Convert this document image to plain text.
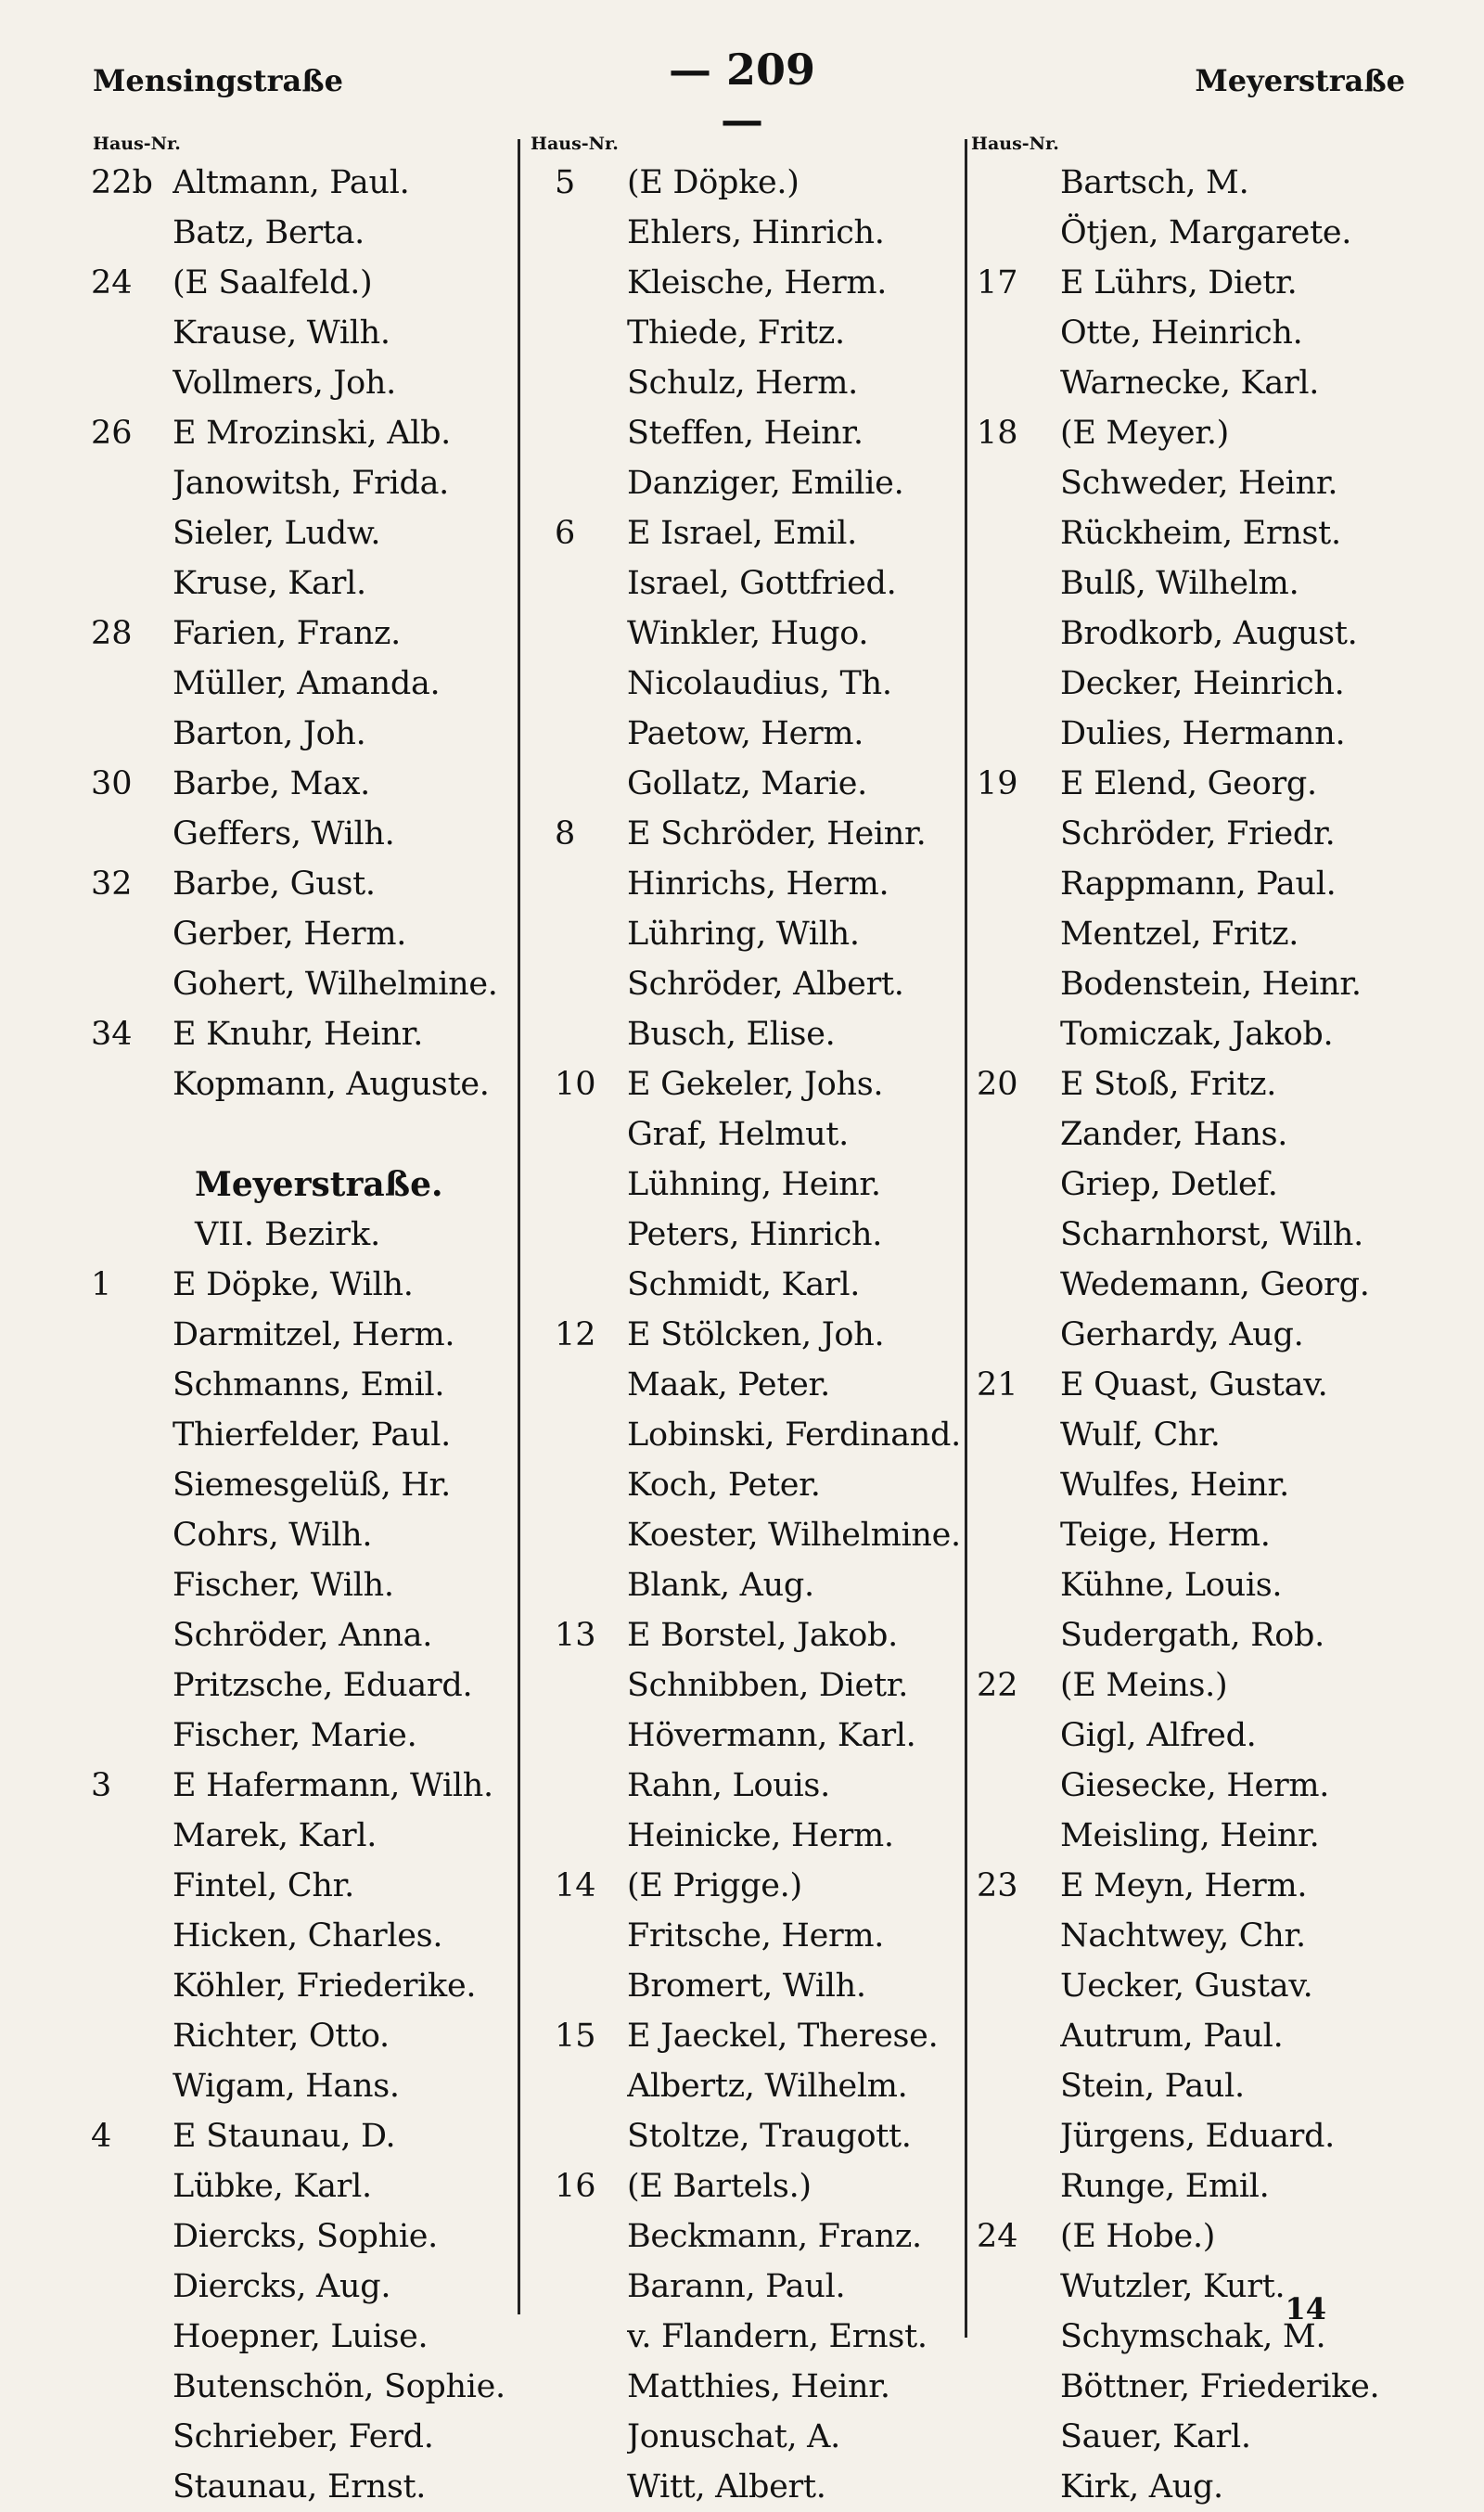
Mensingstraße	— 209 —
Meyerstraße
Haus-Nr.
22b Altmann, Paul.
Batz, Berta.
24	(E Saalfeld.)
Krause, Wilh.
Vollmers, Joh.
26	E Mrozinski, Alb.
Janowitsh, Frida.
Sieler, Ludw.
Kruse, Karl.
28	Farien, Franz.
Müller, Amanda.
Barton, Joh.
30	Barbe, Max.
Geffers, Wilh.
32	Barbe, Gust.
Gerber, Herm.
Gohert, Wilhelmine.
34	E Knuhr, Heinr.
Kopmann, Auguste.
Meyerstraße.
VII. Bezirk.
1	E Döpke, Wilh.
Darmitzel, Herm.
Schmanns, Emil.
Thierfelder, Paul.
Siemesgelüß, Hr.
Cohrs, Wilh.
Fischer, Wilh.
Schröder, Anna.
Pritzsche, Eduard.
Fischer, Marie.
3	E Hafermann, Wilh.
Marek, Karl.
Fintel, Chr.
Hicken, Charles.
Köhler, Friederike.
Richter, Otto.
Wigam, Hans.
4	E Staunau, D.
Lübke, Karl.
Diercks, Sophie.
Diercks, Aug.
Hoepner, Luise.
Butenschön, Sophie.
Schrieber, Ferd.
Staunau, Ernst.
Haus-Nr.
5	(E Döpke.)
Ehlers, Hinrich.
Kleische, Herm.
Thiede, Fritz.
Schulz, Herm.
Steffen, Heinr.
Danziger, Emilie.
6	E Israel, Emil.
Israel, Gottfried.
Winkler, Hugo.
Nicolaudius, Th.
Paetow, Herm.
Gollatz, Marie.
8	E Schröder, Heinr.
Hinrichs, Herm.
Lühring, Wilh.
Schröder, Albert.
Busch, Elise.
10 E Gekeler, Johs.
Graf, Helmut.
Lühning, Heinr.
Peters, Hinrich.
Schmidt, Karl.
12 E Stölcken, Joh.
Maak, Peter.
Lobinski, Ferdinand.
Koch, Peter.
Koester, Wilhelmine.
Blank, Aug.
13 E Borstel, Jakob.
Schnibben, Dietr.
Hövermann, Karl.
Rahn, Louis.
Heinicke, Herm.
14 (E Prigge.)
Fritsche, Herm.
Bromert, Wilh.
15 E Jaeckel, Therese.
Albertz, Wilhelm.
Stoltze, Traugott.
16 (E Bartels.)
Beckmann, Franz.
Barann, Paul.
v. Flandern, Ernst.
Matthies, Heinr.
Jonuschat, A.
Witt, Albert.
Haus-Nr.
Bartsch, M.
Ötjen, Margarete.
17	E Lührs, Dietr.
Otte, Heinrich.
Warnecke, Karl.
18	(E Meyer.)
Schweder, Heinr.
Rückheim, Ernst.
Bulß, Wilhelm.
Brodkorb, August.
Decker, Heinrich.
Dulies, Hermann.
19	E Elend, Georg.
Schröder, Friedr.
Rappmann, Paul.
Mentzel, Fritz.
Bodenstein, Heinr.
Tomiczak, Jakob.
20	E Stoß, Fritz.
Zander, Hans.
Griep, Detlef.
Scharnhorst, Wilh.
Wedemann, Georg.
Gerhardy, Aug.
21	E Quast, Gustav.
Wulf, Chr.
Wulfes, Heinr.
Teige, Herm.
Kühne, Louis.
Sudergath, Rob.
22	(E Meins.)
Gigl, Alfred.
Giesecke, Herm.
Meisling, Heinr.
23	E Meyn, Herm.
Nachtwey, Chr.
Uecker, Gustav.
Autrum, Paul.
Stein, Paul.
Jürgens, Eduard.
Runge, Emil.
24	(E Hobe.)
Wutzler, Kurt.
Schymschak, M.
Böttner, Friederike.
Sauer, Karl.
Kirk, Aug.
14
